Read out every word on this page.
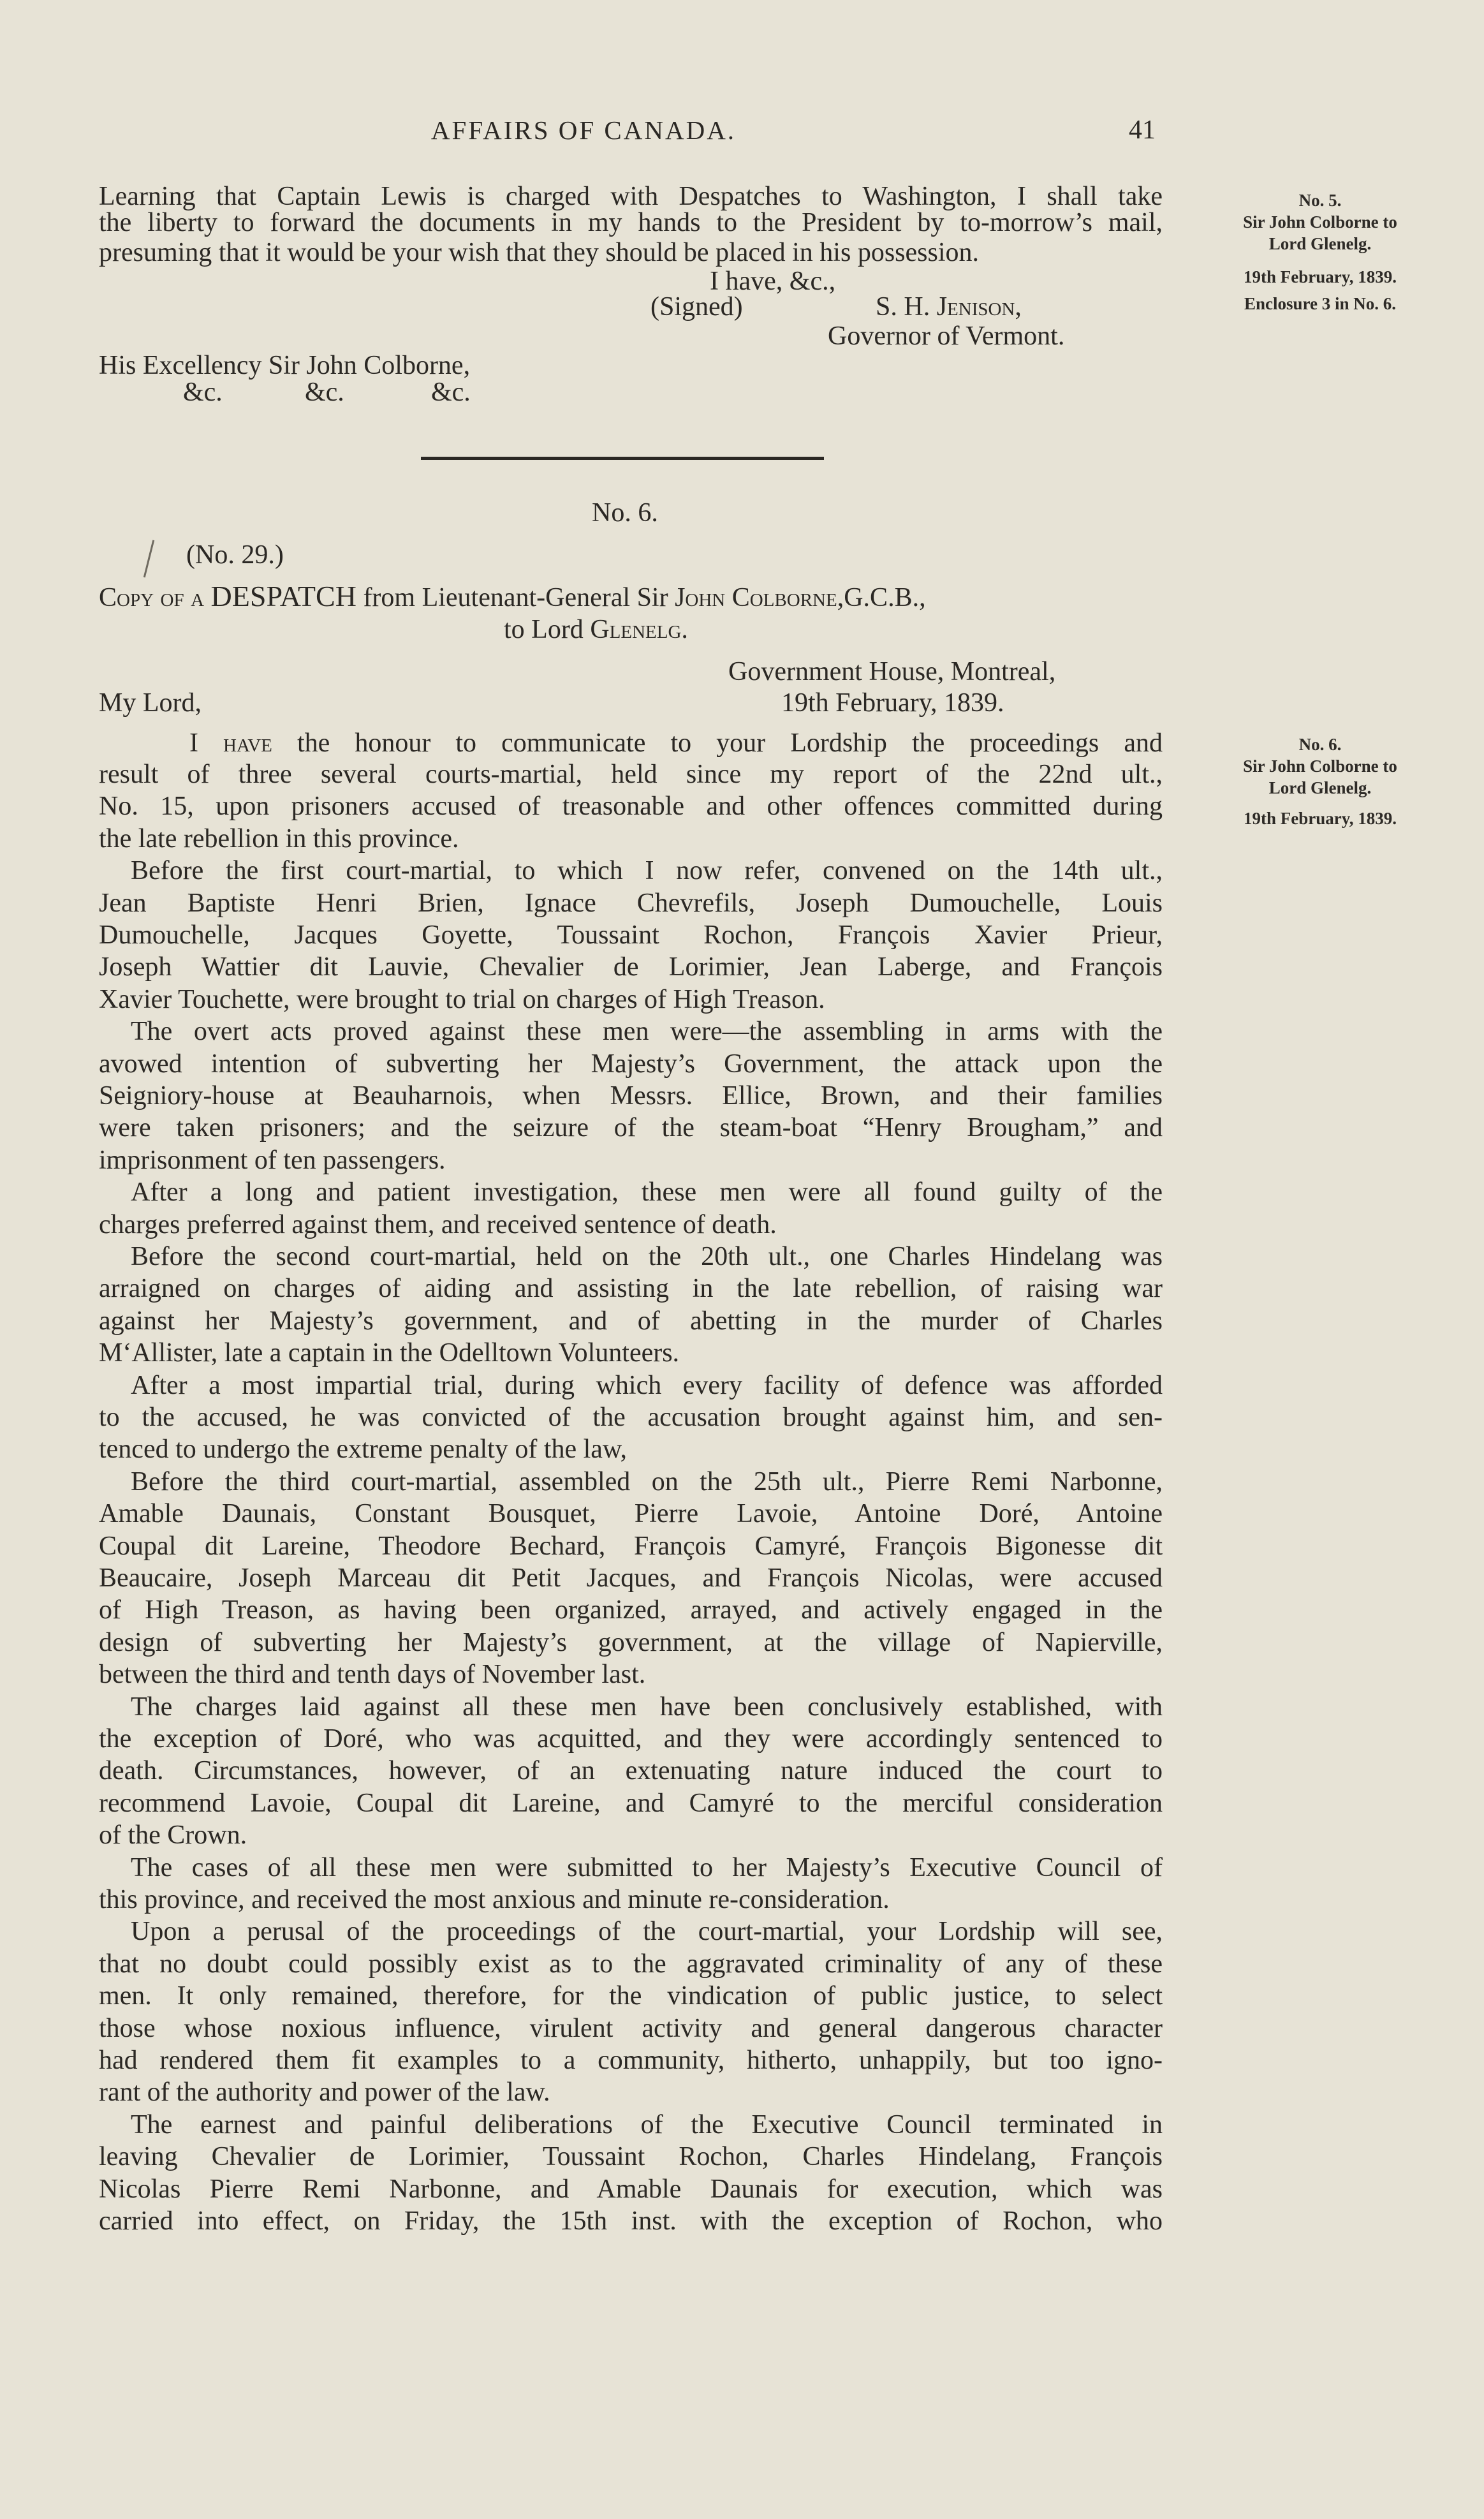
AFFAIRS OF CANADA.	41
Learning that Captain Lewis is charged with Despatches to Washington, I shall take
the liberty to forward the documents in my hands to the President by to-morrow’s mail,
presuming that it would be your wish that they should be placed in his possession.
I have, &c.,
(Signed)	S. H. Jenison,
Governor of Vermont.
His Excellency Sir John Colborne,
&c.	&c.	&c.
No. 5.
Sir John Colborne to
Lord Glenelg.
19th February, 1839.
Enclosure 3 in No. 6.
No. 6.
(No. 29.)
Copy of a DESPATCH from Lieutenant-General Sir John Colborne,G.C.B.,
to Lord Glenelg.
Government House, Montreal,
My Lord,	19th February, 1839.
I have the honour to communicate to your Lordship the proceedings and
result of three several courts-martial, held since my report of the 22nd ult.,
No. 15, upon prisoners accused of treasonable and other offences committed during
the late rebellion in this province.
Before the first court-martial, to which I now refer, convened on the 14th ult.,
Jean Baptiste Henri Brien, Ignace Chevrefils, Joseph Dumouchelle, Louis
Dumouchelle, Jacques Goyette, Toussaint Rochon, François Xavier Prieur,
Joseph Wattier dit Lauvie, Chevalier de Lorimier, Jean Laberge, and François
Xavier Touchette, were brought to trial on charges of High Treason.
The overt acts proved against these men were—the assembling in arms with the
avowed intention of subverting her Majesty’s Government, the attack upon the
Seigniory-house at Beauharnois, when Messrs. Ellice, Brown, and their families
were taken prisoners; and the seizure of the steam-boat “Henry Brougham,” and
imprisonment of ten passengers.
After a long and patient investigation, these men were all found guilty of the
charges preferred against them, and received sentence of death.
Before the second court-martial, held on the 20th ult., one Charles Hindelang was
arraigned on charges of aiding and assisting in the late rebellion, of raising war
against her Majesty’s government, and of abetting in the murder of Charles
M‘Allister, late a captain in the Odelltown Volunteers.
After a most impartial trial, during which every facility of defence was afforded
to the accused, he was convicted of the accusation brought against him, and sen-
tenced to undergo the extreme penalty of the law,
Before the third court-martial, assembled on the 25th ult., Pierre Remi Narbonne,
Amable Daunais, Constant Bousquet, Pierre Lavoie, Antoine Doré, Antoine
Coupal dit Lareine, Theodore Bechard, François Camyré, François Bigonesse dit
Beaucaire, Joseph Marceau dit Petit Jacques, and François Nicolas, were accused
of High Treason, as having been organized, arrayed, and actively engaged in the
design of subverting her Majesty’s government, at the village of Napierville,
between the third and tenth days of November last.
The charges laid against all these men have been conclusively established, with
the exception of Doré, who was acquitted, and they were accordingly sentenced to
death. Circumstances, however, of an extenuating nature induced the court to
recommend Lavoie, Coupal dit Lareine, and Camyré to the merciful consideration
of the Crown.
The cases of all these men were submitted to her Majesty’s Executive Council of
this province, and received the most anxious and minute re-consideration.
Upon a perusal of the proceedings of the court-martial, your Lordship will see,
that no doubt could possibly exist as to the aggravated criminality of any of these
men. It only remained, therefore, for the vindication of public justice, to select
those whose noxious influence, virulent activity and general dangerous character
had rendered them fit examples to a community, hitherto, unhappily, but too igno-
rant of the authority and power of the law.
The earnest and painful deliberations of the Executive Council terminated in
leaving Chevalier de Lorimier, Toussaint Rochon, Charles Hindelang, François
Nicolas Pierre Remi Narbonne, and Amable Daunais for execution, which was
carried into effect, on Friday, the 15th inst. with the exception of Rochon, who
No. 6.
Sir John Colborne to
Lord Glenelg.
19th February, 1839.
